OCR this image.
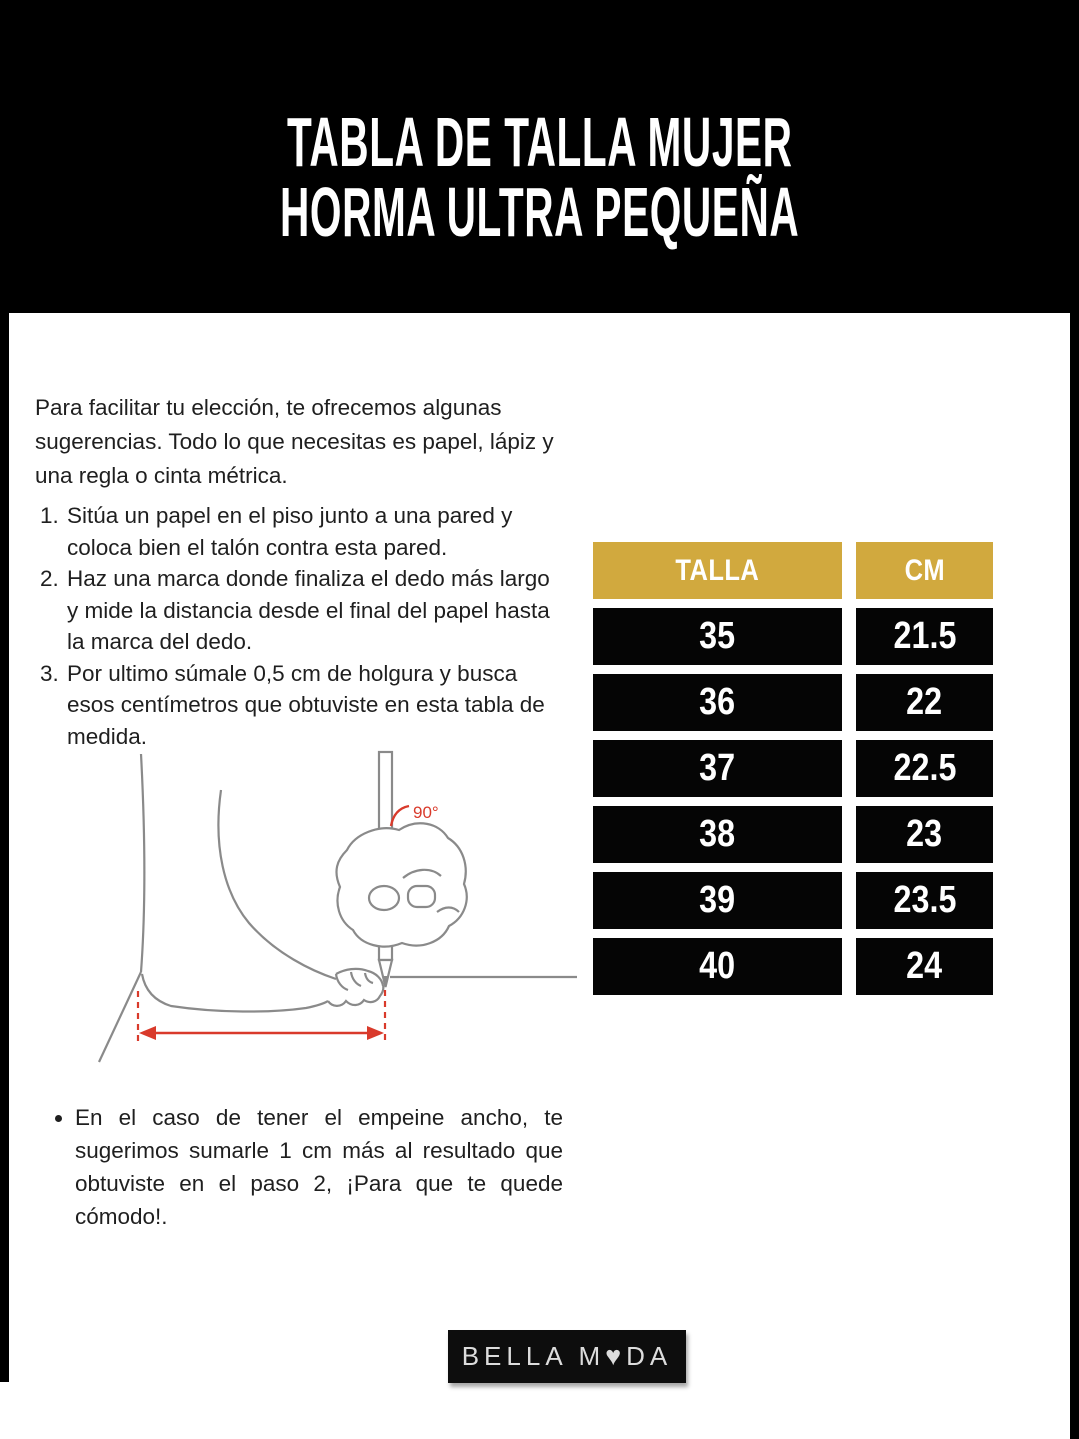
TABLA DE TALLA MUJER
HORMA ULTRA PEQUEÑA

Para facilitar tu elección, te ofrecemos algunas sugerencias. Todo lo que necesitas es papel, lápiz y una regla o cinta métrica.

1. Sitúa un papel en el piso junto a una pared y coloca bien el talón contra esta pared.
2. Haz una marca donde finaliza el dedo más largo y mide la distancia desde el final del papel hasta la marca del dedo.
3. Por ultimo súmale 0,5 cm de holgura y busca esos centímetros que obtuviste en esta tabla de medida.
TALLA	CM
35	21.5
36	22
37	22.5
38	23
39	23.5
40	24
90°
• En el caso de tener el empeine ancho, te sugerimos sumarle 1 cm más al resultado que obtuviste en el paso 2, ¡Para que te quede cómodo!.
BELLA M ♥ DA
